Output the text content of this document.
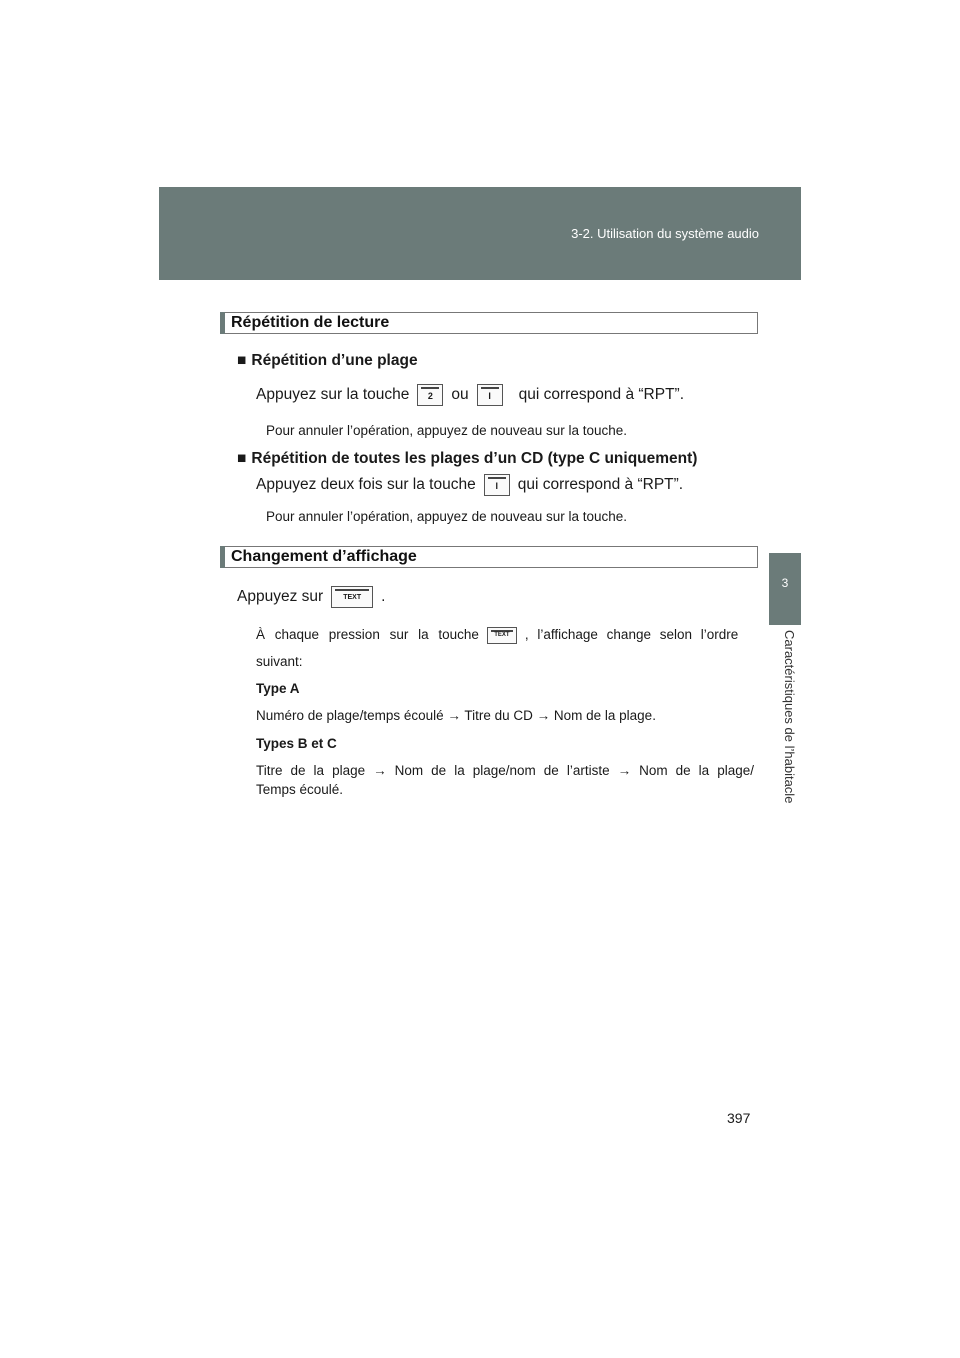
3-2. Utilisation du système audio
3
Caractéristiques de l’habitacle
Répétition de lecture
■ Répétition d’une plage
Appuyez sur la touche	2	ou	I	qui correspond à “RPT”.
Pour annuler l’opération, appuyez de nouveau sur la touche.
■ Répétition de toutes les plages d’un CD (type C uniquement)
Appuyez deux fois sur la touche	I	qui correspond à “RPT”.
Pour annuler l’opération, appuyez de nouveau sur la touche.
Changement d’affichage
Appuyez sur	TEXT	.
À chaque pression sur la touche	TEXT	, l’affichage change selon l’ordre
suivant:
Type A
Numéro de plage/temps écoulé → Titre du CD → Nom de la plage.
Types B et C
Titre de la plage → Nom de la plage/nom de l’artiste → Nom de la plage/
Temps écoulé.
397
